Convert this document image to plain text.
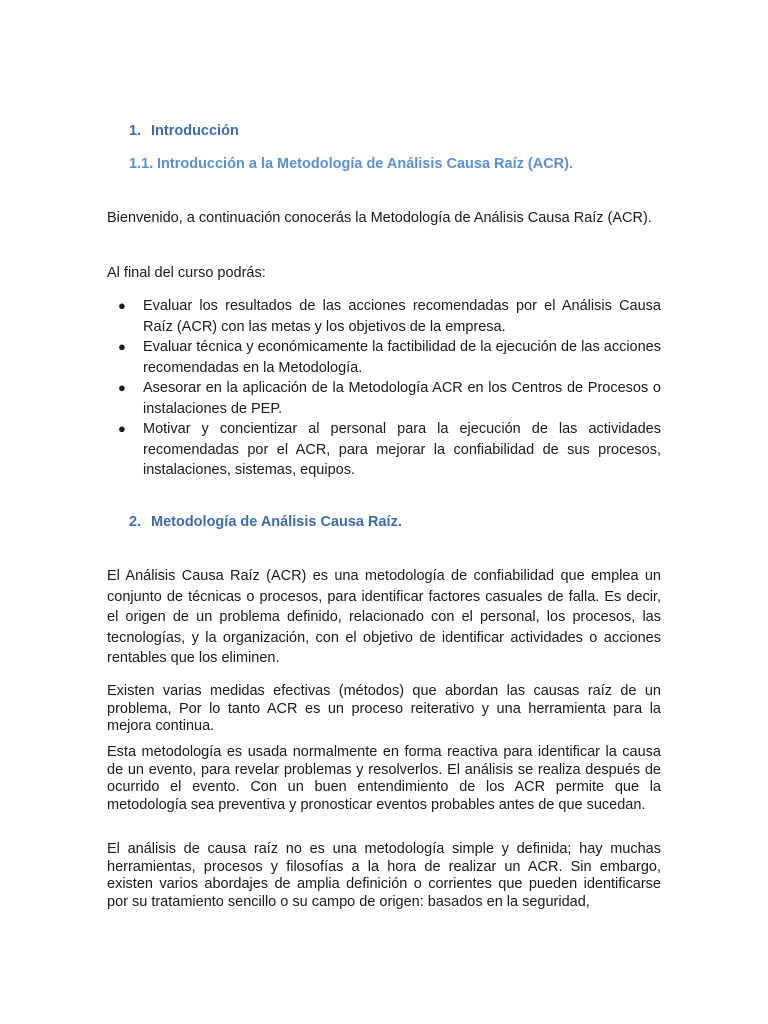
1. Introducción
1.1. Introducción a la Metodología de Análisis Causa Raíz (ACR).

Bienvenido, a continuación conocerás la Metodología de Análisis Causa Raíz (ACR).

Al final del curso podrás:

● Evaluar los resultados de las acciones recomendadas por el Análisis Causa Raíz (ACR) con las metas y los objetivos de la empresa.
● Evaluar técnica y económicamente la factibilidad de la ejecución de las acciones recomendadas en la Metodología.
● Asesorar en la aplicación de la Metodología ACR en los Centros de Procesos o instalaciones de PEP.
● Motivar y concientizar al personal para la ejecución de las actividades recomendadas por el ACR, para mejorar la confiabilidad de sus procesos, instalaciones, sistemas, equipos.
2. Metodología de Análisis Causa Raíz.

El Análisis Causa Raíz (ACR) es una metodología de confiabilidad que emplea un conjunto de técnicas o procesos, para identificar factores casuales de falla. Es decir, el origen de un problema definido, relacionado con el personal, los procesos, las tecnologías, y la organización, con el objetivo de identificar actividades o acciones rentables que los eliminen.

Existen varias medidas efectivas (métodos) que abordan las causas raíz de un problema, Por lo tanto ACR es un proceso reiterativo y una herramienta para la mejora continua.

Esta metodología es usada normalmente en forma reactiva para identificar la causa de un evento, para revelar problemas y resolverlos. El análisis se realiza después de ocurrido el evento. Con un buen entendimiento de los ACR permite que la metodología sea preventiva y pronosticar eventos probables antes de que sucedan.

El análisis de causa raíz no es una metodología simple y definida; hay muchas herramientas, procesos y filosofías a la hora de realizar un ACR. Sin embargo, existen varios abordajes de amplia definición o corrientes que pueden identificarse por su tratamiento sencillo o su campo de origen: basados en la seguridad,
